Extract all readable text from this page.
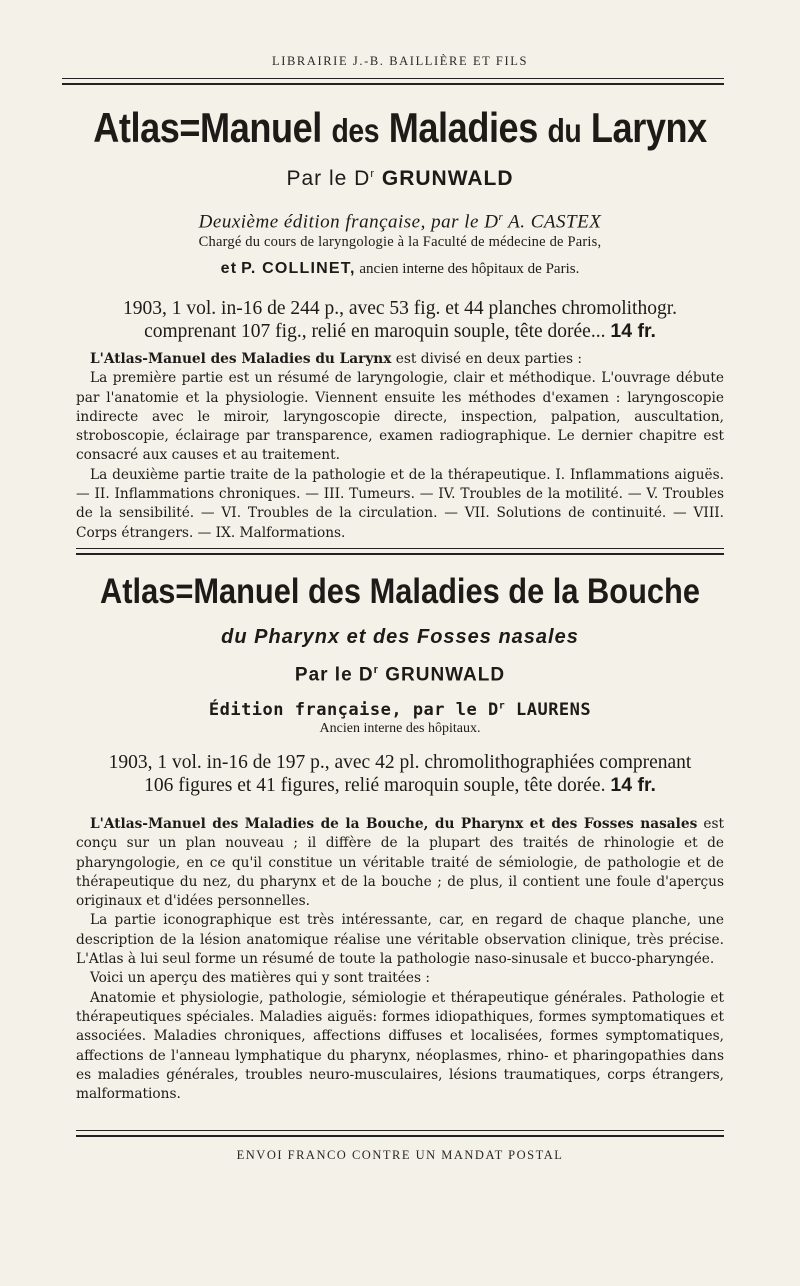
LIBRAIRIE J.-B. BAILLIÈRE ET FILS
Atlas=Manuel des Maladies du Larynx
Par le $D^r$ GRUNWALD
Deuxième édition française, par le $D^r$ A. CASTEX
Chargé du cours de laryngologie à la Faculté de médecine de Paris,
et P. COLLINET, ancien interne des hôpitaux de Paris.
1903, 1 vol. in-16 de 244 p., avec 53 fig. et 44 planches chromolithogr.
comprenant 107 fig., relié en maroquin souple, tête dorée... 14 fr.

L'Atlas-Manuel des Maladies du Larynx est divisé en deux parties :

La première partie est un résumé de laryngologie, clair et méthodique. L'ouvrage débute par l'anatomie et la physiologie. Viennent ensuite les méthodes d'examen : laryngoscopie indirecte avec le miroir, laryngoscopie directe, inspection, palpation, auscultation, stroboscopie, éclairage par transparence, examen radiographique. Le dernier chapitre est consacré aux causes et au traitement.

La deuxième partie traite de la pathologie et de la thérapeutique. I. Inflammations aiguës. — II. Inflammations chroniques. — III. Tumeurs. — IV. Troubles de la motilité. — V. Troubles de la sensibilité. — VI. Troubles de la circulation. — VII. Solutions de continuité. — VIII. Corps étrangers. — IX. Malformations.

Atlas=Manuel des Maladies de la Bouche
du Pharynx et des Fosses nasales
Par le $D^r$ GRUNWALD
Édition française, par le $D^r$ LAURENS
Ancien interne des hôpitaux.
1903, 1 vol. in-16 de 197 p., avec 42 pl. chromolithographiées comprenant
106 figures et 41 figures, relié maroquin souple, tête dorée. 14 fr.

L'Atlas-Manuel des Maladies de la Bouche, du Pharynx et des Fosses nasales est conçu sur un plan nouveau ; il diffère de la plupart des traités de rhinologie et de pharyngologie, en ce qu'il constitue un véritable traité de sémiologie, de pathologie et de thérapeutique du nez, du pharynx et de la bouche ; de plus, il contient une foule d'aperçus originaux et d'idées personnelles.

La partie iconographique est très intéressante, car, en regard de chaque planche, une description de la lésion anatomique réalise une véritable observation clinique, très précise. L'Atlas à lui seul forme un résumé de toute la pathologie naso-sinusale et bucco-pharyngée.

Voici un aperçu des matières qui y sont traitées :

Anatomie et physiologie, pathologie, sémiologie et thérapeutique générales. Pathologie et thérapeutiques spéciales. Maladies aiguës: formes idiopathiques, formes symptomatiques et associées. Maladies chroniques, affections diffuses et localisées, formes symptomatiques, affections de l'anneau lymphatique du pharynx, néoplasmes, rhino- et pharingopathies dans es maladies générales, troubles neuro-musculaires, lésions traumatiques, corps étrangers, malformations.

ENVOI FRANCO CONTRE UN MANDAT POSTAL
